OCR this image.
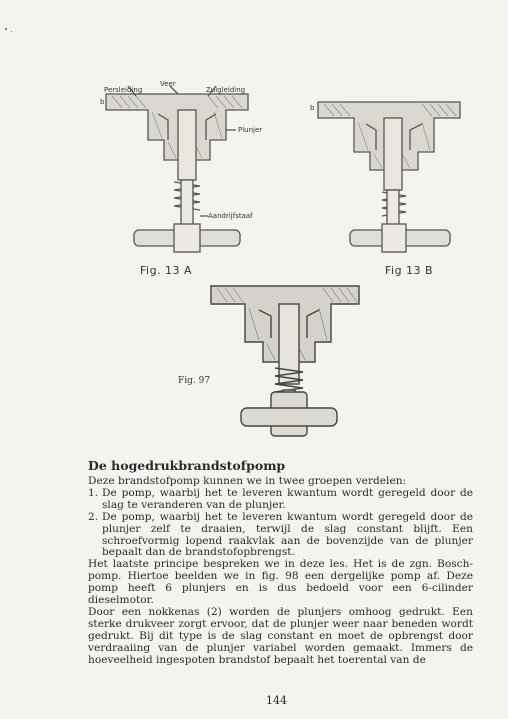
• .
b
Veer
Persleiding	Zuigleiding
Plunjer
Aandrijfstaaf
Fig. 13 A
b
Fig 13 B
Fig. 97
De hogedrukbrandstofpomp

Deze brandstofpomp kunnen we in twee groepen verdelen:

1. De pomp, waarbij het te leveren kwantum wordt geregeld door de slag te veranderen van de plunjer.
2. De pomp, waarbij het te leveren kwantum wordt geregeld door de plunjer zelf te draaien, terwijl de slag constant blijft. Een schroefvormig lopend raakvlak aan de bovenzijde van de plunjer bepaalt dan de brandstofopbrengst.

Het laatste principe bespreken we in deze les. Het is de zgn. Bosch-pomp. Hiertoe beelden we in fig. 98 een dergelijke pomp af. Deze pomp heeft 6 plunjers en is dus bedoeld voor een 6-cilinder dieselmotor.

Door een nokkenas (2) worden de plunjers omhoog gedrukt. Een sterke drukveer zorgt ervoor, dat de plunjer weer naar beneden wordt gedrukt. Bij dit type is de slag constant en moet de opbrengst door verdraaiing van de plunjer variabel worden gemaakt. Immers de hoeveelheid ingespoten brandstof bepaalt het toerental van de

144
